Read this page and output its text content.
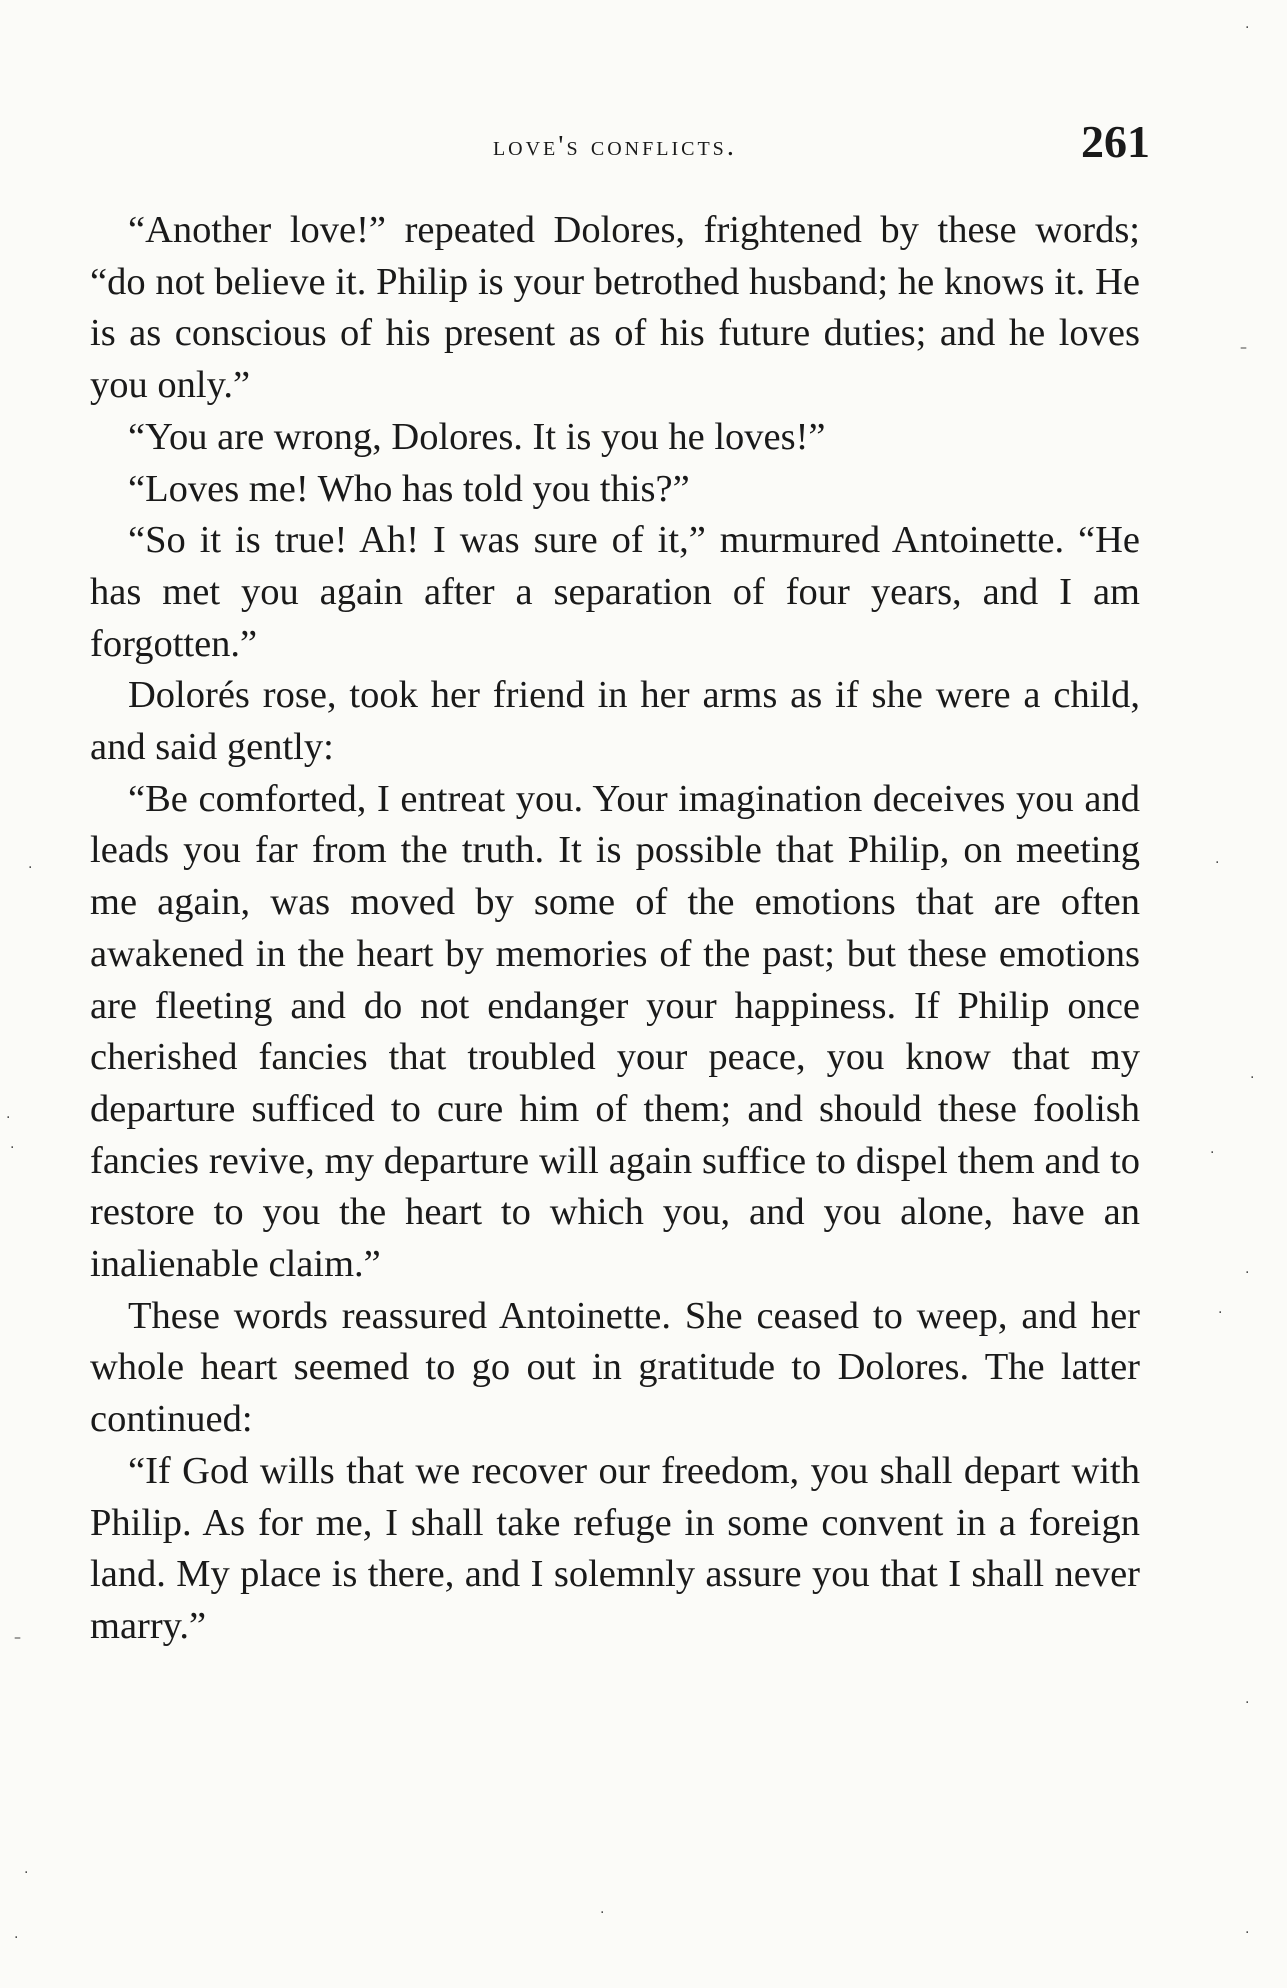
love's conflicts.	261

“Another love!” repeated Dolores, frightened by these words; “do not believe it. Philip is your betrothed husband; he knows it. He is as conscious of his present as of his future duties; and he loves you only.”

“You are wrong, Dolores. It is you he loves!”

“Loves me! Who has told you this?”

“So it is true! Ah! I was sure of it,” murmured Antoinette. “He has met you again after a separation of four years, and I am forgotten.”

Dolorés rose, took her friend in her arms as if she were a child, and said gently:

“Be comforted, I entreat you. Your imagination deceives you and leads you far from the truth. It is possible that Philip, on meeting me again, was moved by some of the emotions that are often awakened in the heart by memories of the past; but these emotions are fleeting and do not endanger your happiness. If Philip once cherished fancies that troubled your peace, you know that my departure sufficed to cure him of them; and should these foolish fancies revive, my departure will again suffice to dispel them and to restore to you the heart to which you, and you alone, have an inalienable claim.”

These words reassured Antoinette. She ceased to weep, and her whole heart seemed to go out in gratitude to Dolores. The latter continued:

“If God wills that we recover our freedom, you shall depart with Philip. As for me, I shall take refuge in some convent in a foreign land. My place is there, and I solemnly assure you that I shall never marry.”

⋅
–
⋅
⋅
⋅
⋅
⋅
⋅
⋅
⋅
⋅
⋅
–
⋅
⋅
⋅
